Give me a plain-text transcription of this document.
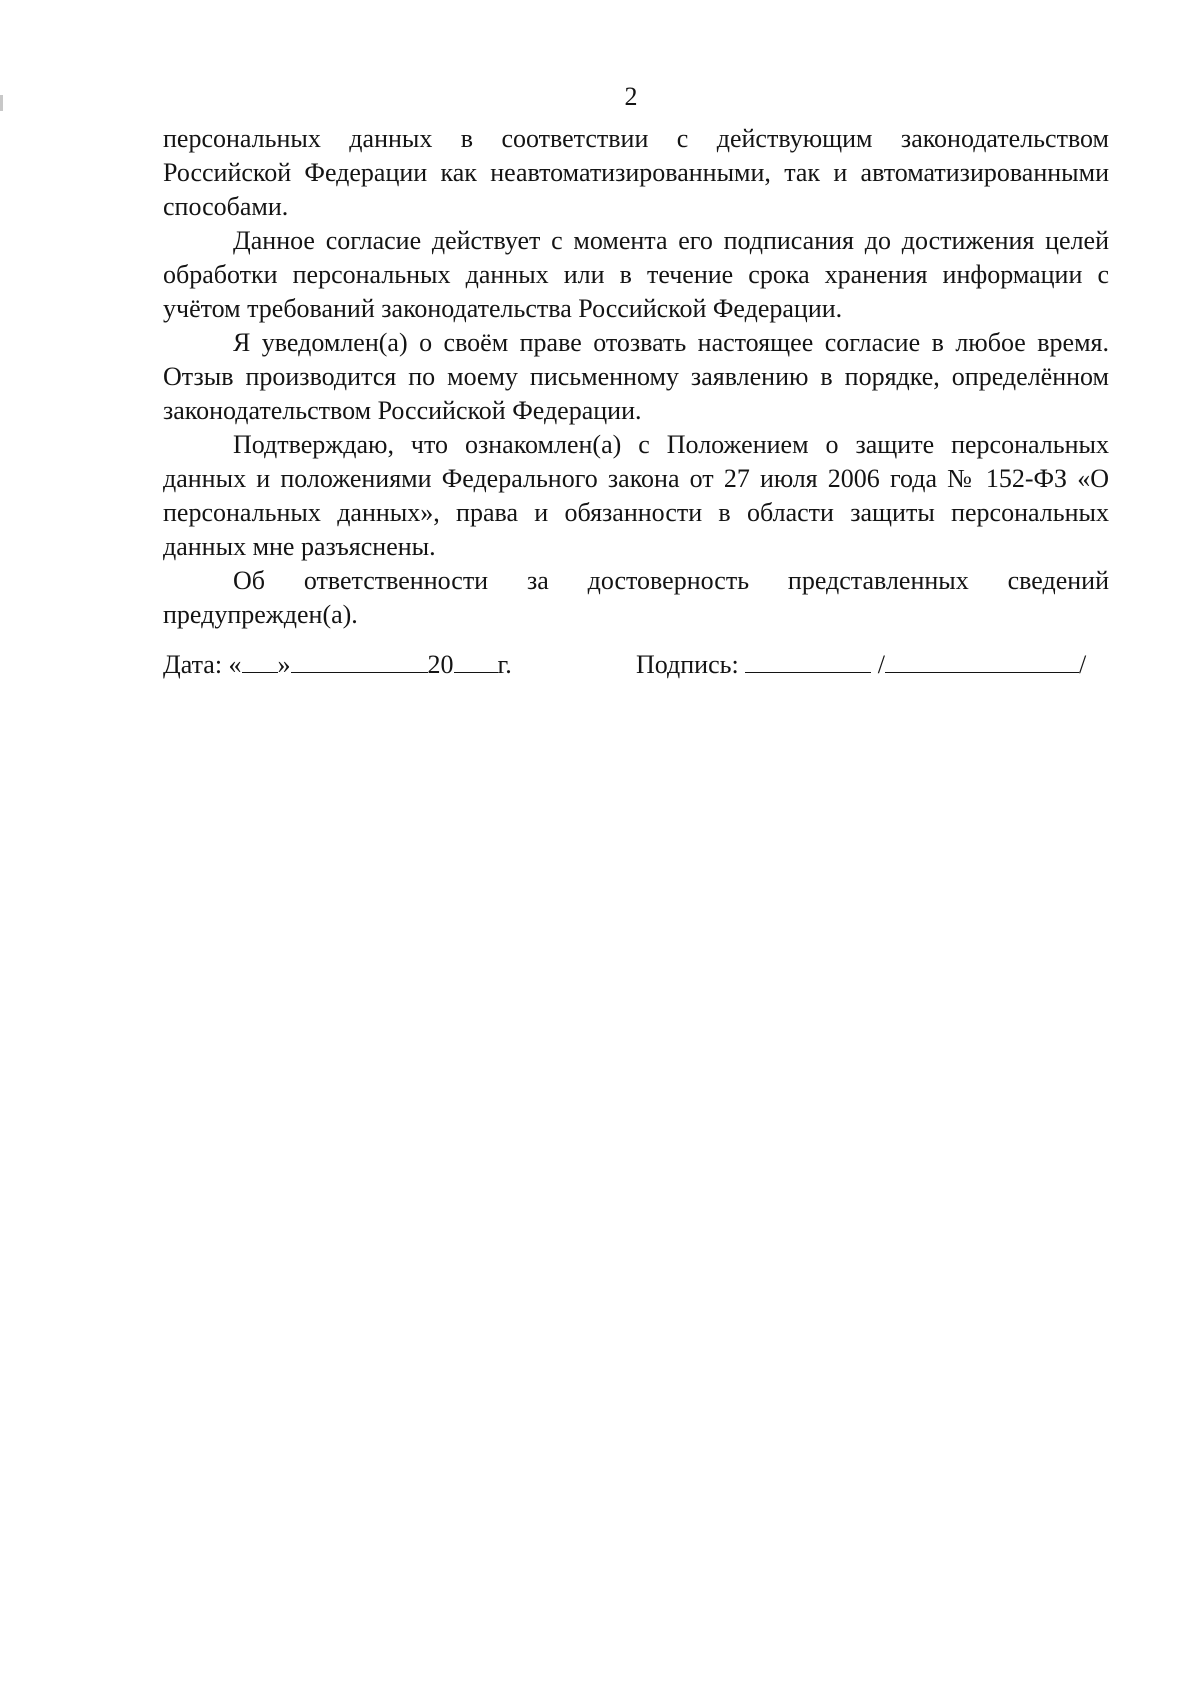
2

персональных данных в соответствии с действующим законодательством Российской Федерации как неавтоматизированными, так и автоматизированными способами.

Данное согласие действует с момента его подписания до достижения целей обработки персональных данных или в течение срока хранения информации с учётом требований законодательства Российской Федерации.

Я уведомлен(а) о своём праве отозвать настоящее согласие в любое время. Отзыв производится по моему письменному заявлению в порядке, определённом законодательством Российской Федерации.

Подтверждаю, что ознакомлен(а) с Положением о защите персональных данных и положениями Федерального закона от 27 июля 2006 года № 152-ФЗ «О персональных данных», права и обязанности в области защиты персональных данных мне разъяснены.

Об ответственности за достоверность представленных сведений предупрежден(а).

Дата: « »	20 г.	Подпись:	/	/
